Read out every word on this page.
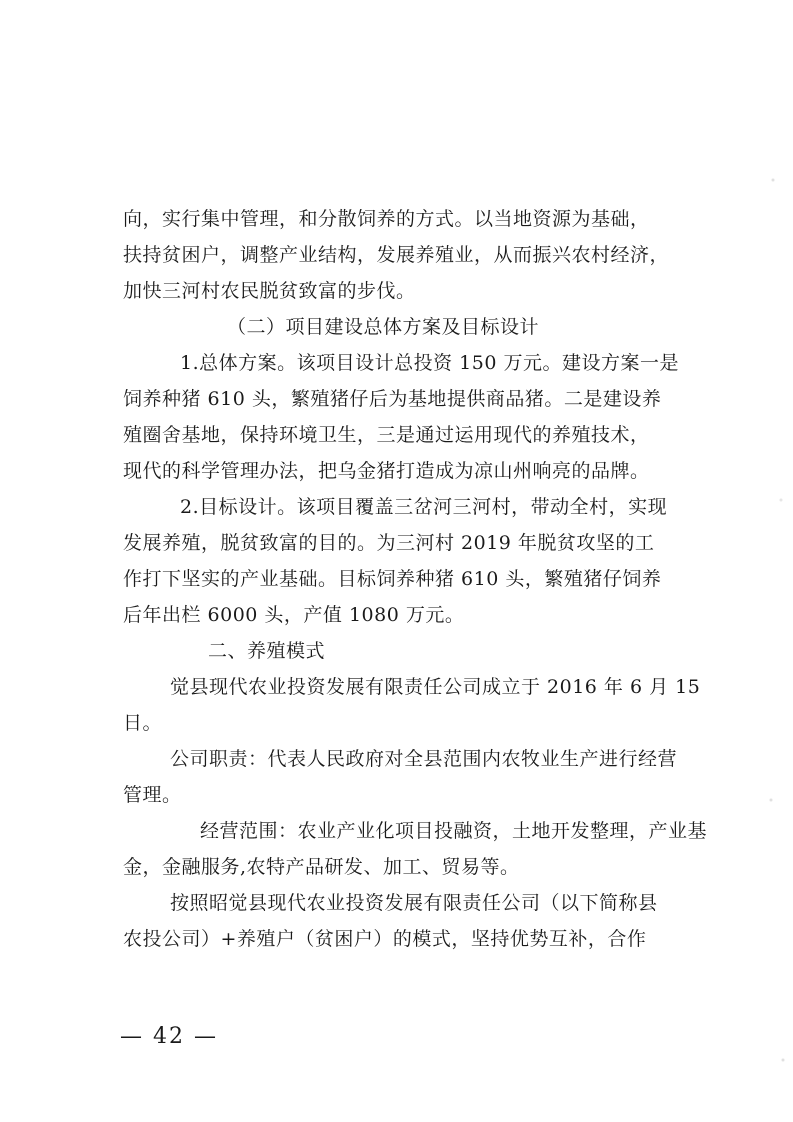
向，实行集中管理，和分散饲养的方式。以当地资源为基础，
扶持贫困户，调整产业结构，发展养殖业，从而振兴农村经济，
加快三河村农民脱贫致富的步伐。
（二）项目建设总体方案及目标设计
1.总体方案。该项目设计总投资 150 万元。建设方案一是
饲养种猪 610 头，繁殖猪仔后为基地提供商品猪。二是建设养
殖圈舍基地，保持环境卫生，三是通过运用现代的养殖技术，
现代的科学管理办法，把乌金猪打造成为凉山州响亮的品牌。
2.目标设计。该项目覆盖三岔河三河村，带动全村，实现
发展养殖，脱贫致富的目的。为三河村 2019 年脱贫攻坚的工
作打下坚实的产业基础。目标饲养种猪 610 头，繁殖猪仔饲养
后年出栏 6000 头，产值 1080 万元。
二、养殖模式
觉县现代农业投资发展有限责任公司成立于 2016 年 6 月 15
日。
公司职责：代表人民政府对全县范围内农牧业生产进行经营
管理。
经营范围：农业产业化项目投融资，土地开发整理，产业基
金，金融服务,农特产品研发、加工、贸易等。
按照昭觉县现代农业投资发展有限责任公司（以下简称县
农投公司）+养殖户（贫困户）的模式，坚持优势互补，合作
— 42 —
